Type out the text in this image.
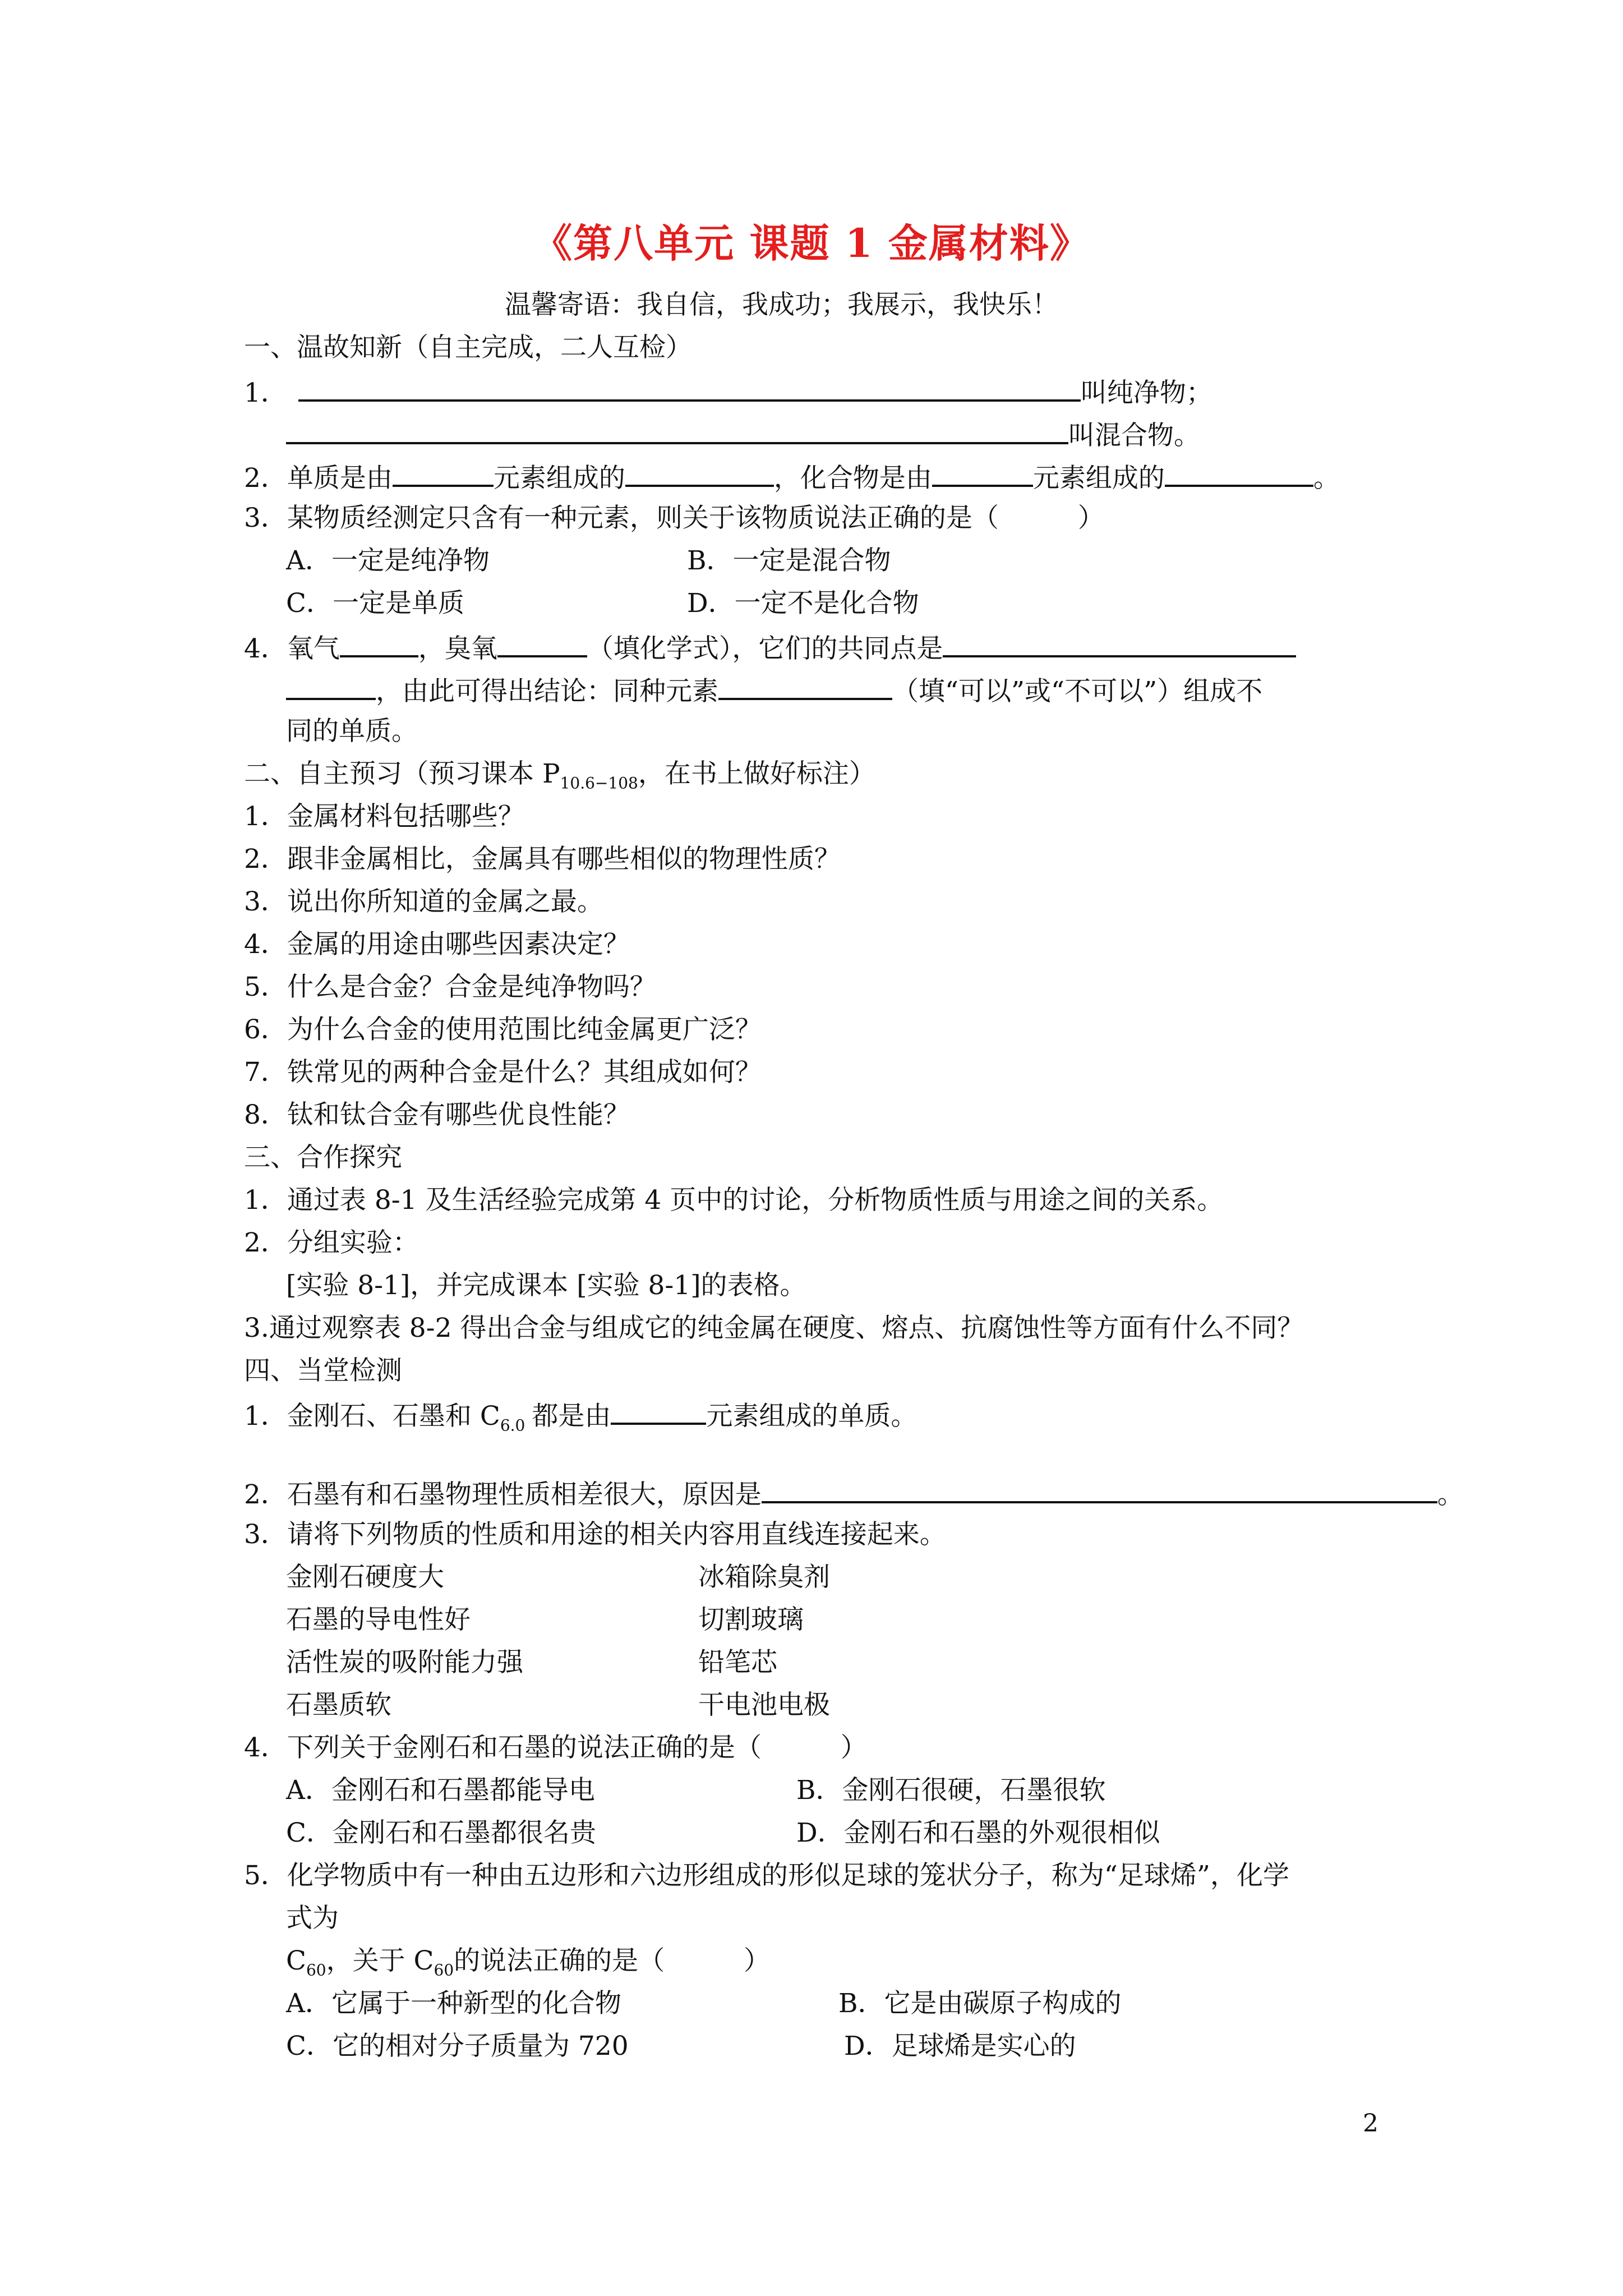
《第八单元 课题 1 金属材料》
温馨寄语：我自信，我成功；我展示，我快乐！
一、温故知新（自主完成，二人互检）
1．	叫纯净物；
叫混合物。
2．单质是由	元素组成的	，化合物是由	元素组成的	。
3．某物质经测定只含有一种元素，则关于该物质说法正确的是（　　　）
A．一定是纯净物	B．一定是混合物
C．一定是单质	D．一定不是化合物
4．氧气	，臭氧	（填化学式），它们的共同点是
，由此可得出结论：同种元素	（填“可以”或“不可以”）组成不
同的单质。
二、自主预习（预习课本 $P_{10.6-108}$，在书上做好标注）
1．金属材料包括哪些？
2．跟非金属相比，金属具有哪些相似的物理性质？
3．说出你所知道的金属之最。
4．金属的用途由哪些因素决定？
5．什么是合金？合金是纯净物吗？
6．为什么合金的使用范围比纯金属更广泛？
7．铁常见的两种合金是什么？其组成如何？
8．钛和钛合金有哪些优良性能？
三、合作探究
1．通过表 8-1 及生活经验完成第 4 页中的讨论，分析物质性质与用途之间的关系。
2．分组实验：
[实验 8-1]，并完成课本 [实验 8-1]的表格。
3.通过观察表 8-2 得出合金与组成它的纯金属在硬度、熔点、抗腐蚀性等方面有什么不同？
四、当堂检测
1．金刚石、石墨和 $C_{6.0}$ 都是由	元素组成的单质。
2．石墨有和石墨物理性质相差很大，原因是	。
3．请将下列物质的性质和用途的相关内容用直线连接起来。
金刚石硬度大	冰箱除臭剂
石墨的导电性好	切割玻璃
活性炭的吸附能力强	铅笔芯
石墨质软	干电池电极
4．下列关于金刚石和石墨的说法正确的是（　　　）
A．金刚石和石墨都能导电	B．金刚石很硬，石墨很软
C．金刚石和石墨都很名贵	D．金刚石和石墨的外观很相似
5．化学物质中有一种由五边形和六边形组成的形似足球的笼状分子，称为“足球烯”，化学
式为
$C_{60}$，关于 $C_{60}$的说法正确的是（　　　）
A．它属于一种新型的化合物	B．它是由碳原子构成的
C．它的相对分子质量为 720	D．足球烯是实心的
2
